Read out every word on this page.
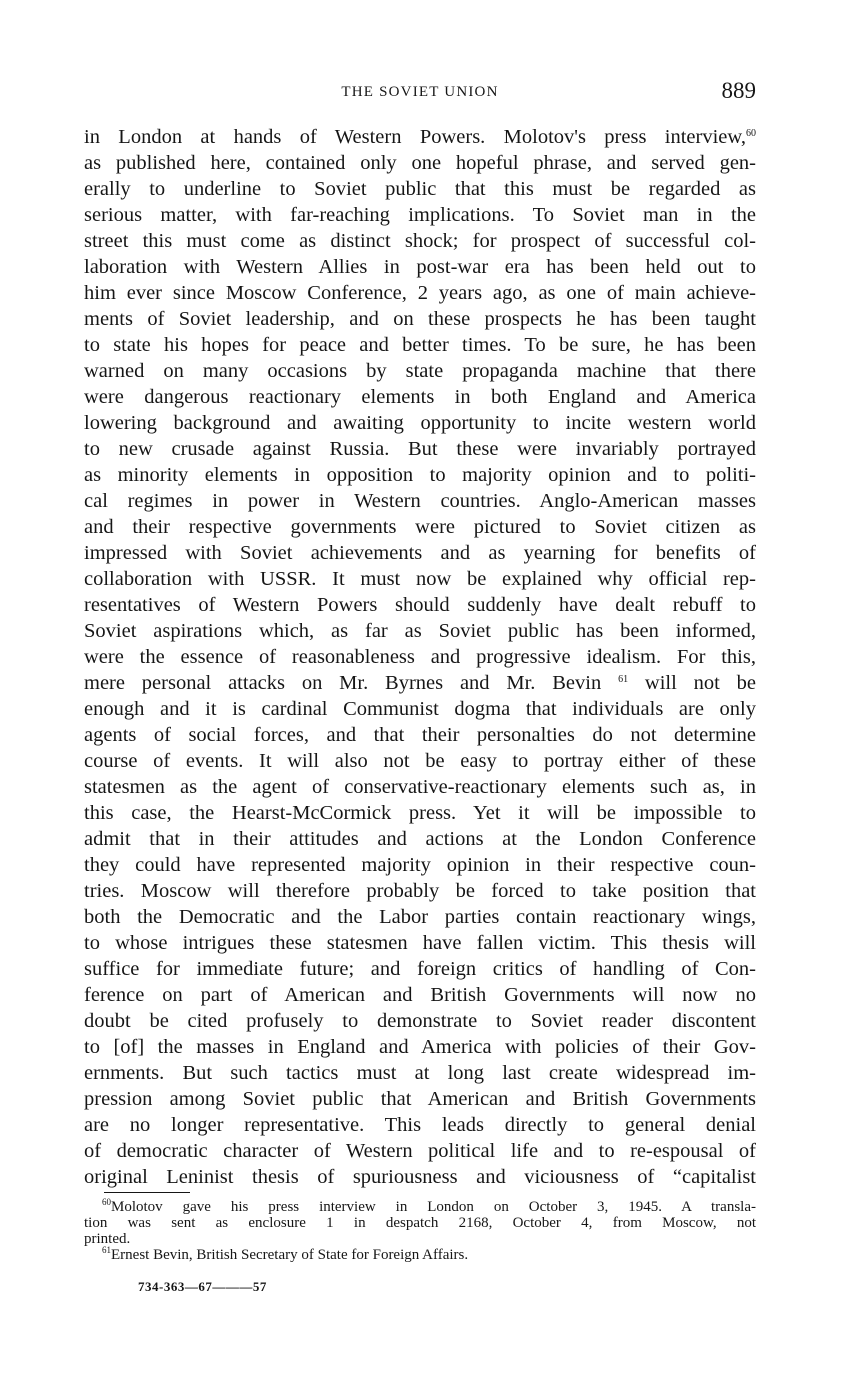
THE SOVIET UNION	889
in London at hands of Western Powers. Molotov's press interview,$^{60}$
as published here, contained only one hopeful phrase, and served gen-
erally to underline to Soviet public that this must be regarded as
serious matter, with far-reaching implications. To Soviet man in the
street this must come as distinct shock; for prospect of successful col-
laboration with Western Allies in post-war era has been held out to
him ever since Moscow Conference, 2 years ago, as one of main achieve-
ments of Soviet leadership, and on these prospects he has been taught
to state his hopes for peace and better times. To be sure, he has been
warned on many occasions by state propaganda machine that there
were dangerous reactionary elements in both England and America
lowering background and awaiting opportunity to incite western world
to new crusade against Russia. But these were invariably portrayed
as minority elements in opposition to majority opinion and to politi-
cal regimes in power in Western countries. Anglo-American masses
and their respective governments were pictured to Soviet citizen as
impressed with Soviet achievements and as yearning for benefits of
collaboration with USSR. It must now be explained why official rep-
resentatives of Western Powers should suddenly have dealt rebuff to
Soviet aspirations which, as far as Soviet public has been informed,
were the essence of reasonableness and progressive idealism. For this,
mere personal attacks on Mr. Byrnes and Mr. Bevin $^{61}$ will not be
enough and it is cardinal Communist dogma that individuals are only
agents of social forces, and that their personalties do not determine
course of events. It will also not be easy to portray either of these
statesmen as the agent of conservative-reactionary elements such as, in
this case, the Hearst-McCormick press. Yet it will be impossible to
admit that in their attitudes and actions at the London Conference
they could have represented majority opinion in their respective coun-
tries. Moscow will therefore probably be forced to take position that
both the Democratic and the Labor parties contain reactionary wings,
to whose intrigues these statesmen have fallen victim. This thesis will
suffice for immediate future; and foreign critics of handling of Con-
ference on part of American and British Governments will now no
doubt be cited profusely to demonstrate to Soviet reader discontent
to [of] the masses in England and America with policies of their Gov-
ernments. But such tactics must at long last create widespread im-
pression among Soviet public that American and British Governments
are no longer representative. This leads directly to general denial
of democratic character of Western political life and to re-espousal of
original Leninist thesis of spuriousness and viciousness of “capitalist
$^{60}$Molotov gave his press interview in London on October 3, 1945. A transla-
tion was sent as enclosure 1 in despatch 2168, October 4, from Moscow, not
printed.
$^{61}$Ernest Bevin, British Secretary of State for Foreign Affairs.
734-363—67———57
